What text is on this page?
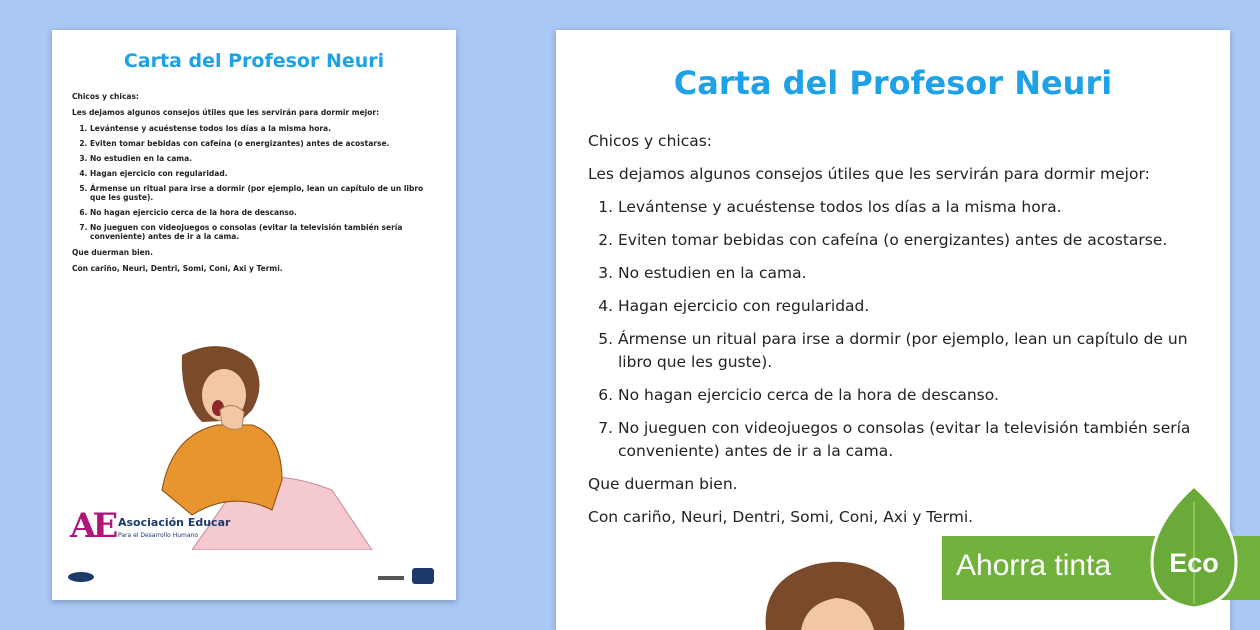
Carta del Profesor Neuri

Chicos y chicas:

Les dejamos algunos consejos útiles que les servirán para dormir mejor:

1. Levántense y acuéstense todos los días a la misma hora.
2. Eviten tomar bebidas con cafeína (o energizantes) antes de acostarse.
3. No estudien en la cama.
4. Hagan ejercicio con regularidad.
5. Ármense un ritual para irse a dormir (por ejemplo, lean un capítulo de un libro que les guste).
6. No hagan ejercicio cerca de la hora de descanso.
7. No jueguen con videojuegos o consolas (evitar la televisión también sería conveniente) antes de ir a la cama.

Que duerman bien.

Con cariño, Neuri, Dentri, Somi, Coni, Axi y Termi.

AE Asociación Educar
Para el Desarrollo Humano
Carta del Profesor Neuri

Chicos y chicas:

Les dejamos algunos consejos útiles que les servirán para dormir mejor:

1. Levántense y acuéstense todos los días a la misma hora.
2. Eviten tomar bebidas con cafeína (o energizantes) antes de acostarse.
3. No estudien en la cama.
4. Hagan ejercicio con regularidad.
5. Ármense un ritual para irse a dormir (por ejemplo, lean un capítulo de un libro que les guste).
6. No hagan ejercicio cerca de la hora de descanso.
7. No jueguen con videojuegos o consolas (evitar la televisión también sería conveniente) antes de ir a la cama.

Que duerman bien.

Con cariño, Neuri, Dentri, Somi, Coni, Axi y Termi.

Ahorra tinta	Eco
